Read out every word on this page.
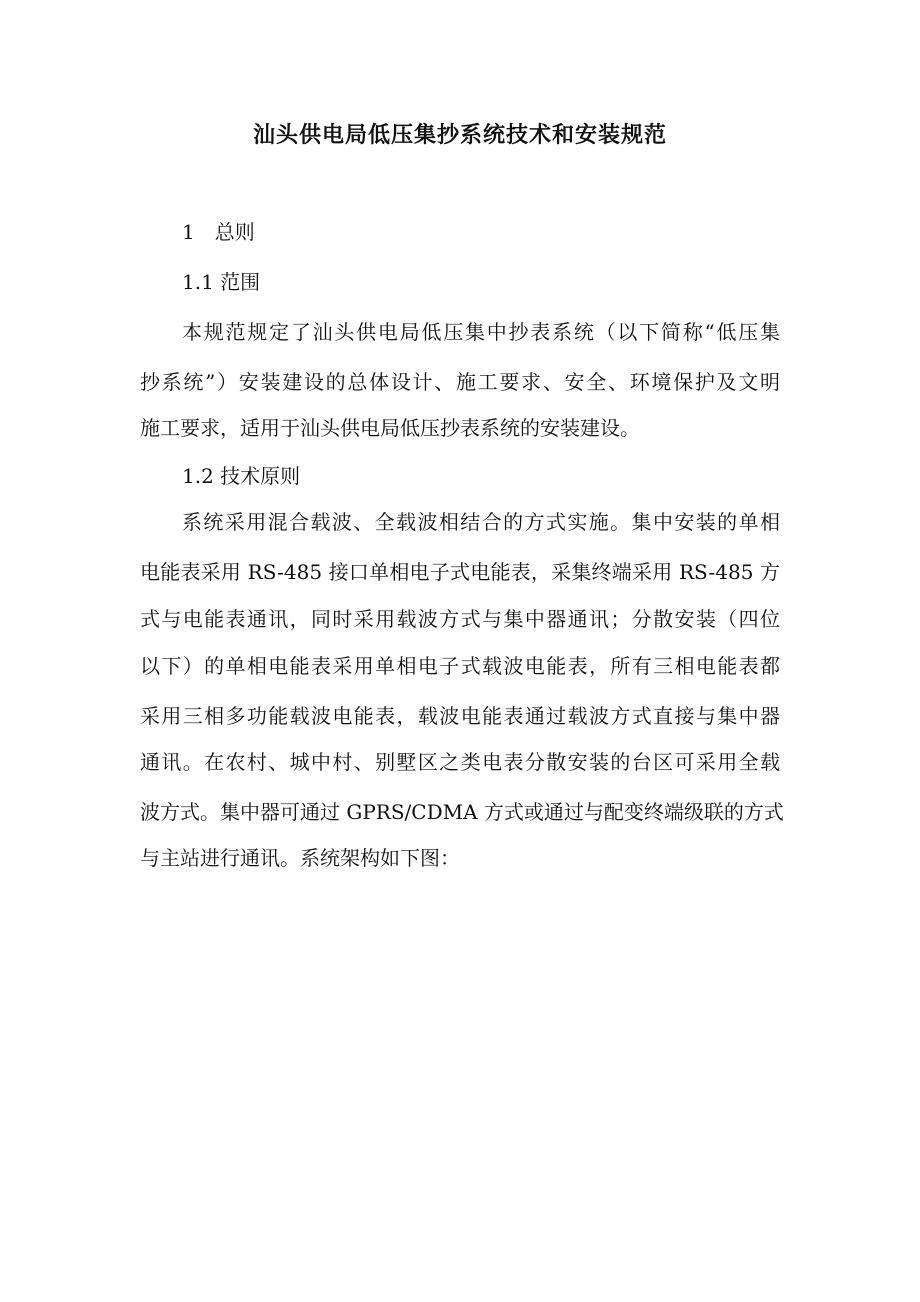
汕头供电局低压集抄系统技术和安装规范
1　总则
1.1 范围
本规范规定了汕头供电局低压集中抄表系统（以下简称“低压集
抄系统”）安装建设的总体设计、施工要求、安全、环境保护及文明
施工要求，适用于汕头供电局低压抄表系统的安装建设。
1.2 技术原则
系统采用混合载波、全载波相结合的方式实施。集中安装的单相
电能表采用 RS-485 接口单相电子式电能表，采集终端采用 RS-485 方
式与电能表通讯，同时采用载波方式与集中器通讯；分散安装（四位
以下）的单相电能表采用单相电子式载波电能表，所有三相电能表都
采用三相多功能载波电能表，载波电能表通过载波方式直接与集中器
通讯。在农村、城中村、别墅区之类电表分散安装的台区可采用全载
波方式。集中器可通过 GPRS/CDMA 方式或通过与配变终端级联的方式
与主站进行通讯。系统架构如下图：
